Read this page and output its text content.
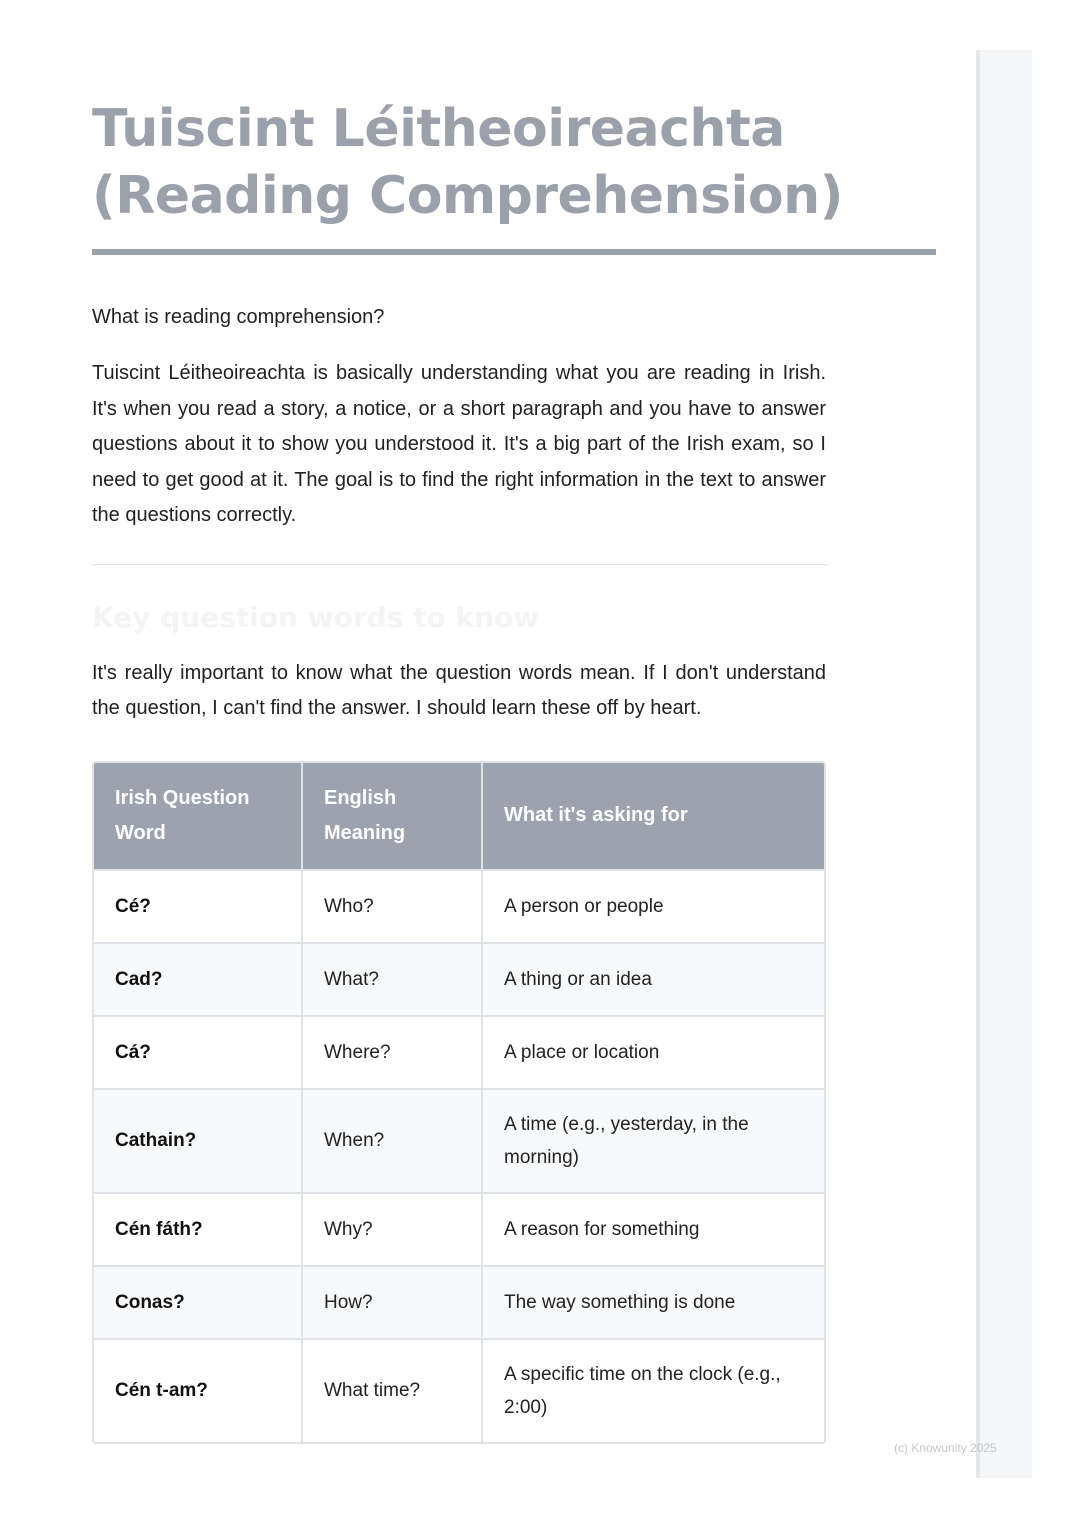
Tuiscint Léitheoireachta (Reading Comprehension)

What is reading comprehension?

Tuiscint Léitheoireachta is basically understanding what you are reading in Irish. It's when you read a story, a notice, or a short paragraph and you have to answer questions about it to show you understood it. It's a big part of the Irish exam, so I need to get good at it. The goal is to find the right information in the text to answer the questions correctly.

Key question words to know

It's really important to know what the question words mean. If I don't understand the question, I can't find the answer. I should learn these off by heart.

Irish Question Word	English Meaning	What it's asking for
Cé?	Who?	A person or people
Cad?	What?	A thing or an idea
Cá?	Where?	A place or location
Cathain?	When?	A time (e.g., yesterday, in the morning)
Cén fáth?	Why?	A reason for something
Conas?	How?	The way something is done
Cén t-am?	What time?	A specific time on the clock (e.g., 2:00)
(c) Knowunity 2025
